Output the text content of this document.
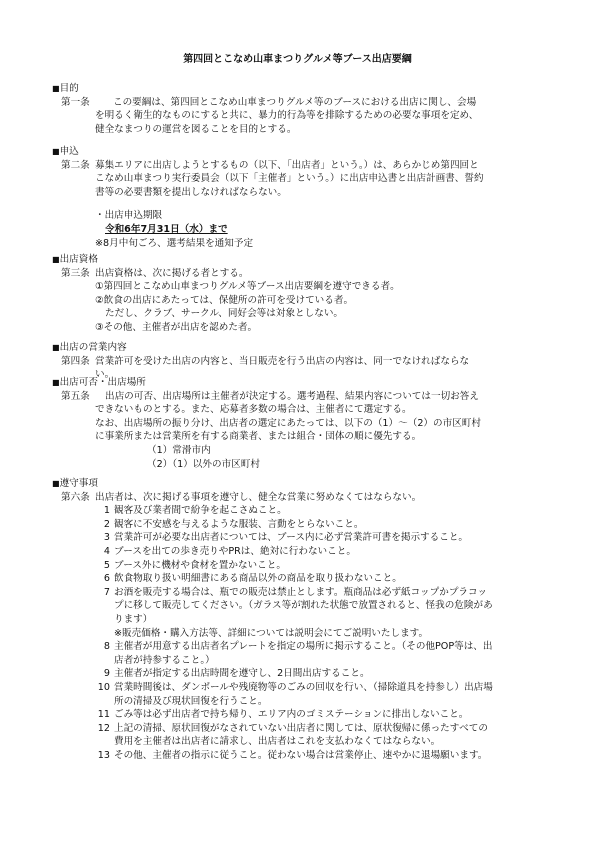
第四回とこなめ山車まつりグルメ等ブース出店要綱
■目的
第一条	この要綱は、第四回とこなめ山車まつりグルメ等のブースにおける出店に関し、会場を明るく衛生的なものにすると共に、暴力的行為等を排除するための必要な事項を定め、健全なまつりの運営を図ることを目的とする。
■申込
第二条 募集エリアに出店しようとするもの（以下、「出店者」という。）は、あらかじめ第四回とこなめ山車まつり実行委員会（以下「主催者」という。）に出店申込書と出店計画書、誓約書等の必要書類を提出しなければならない。
・出店申込期限
令和6年7月31日（水）まで
※8月中旬ごろ、選考結果を通知予定
■出店資格
第三条 出店資格は、次に掲げる者とする。
①第四回とこなめ山車まつりグルメ等ブース出店要綱を遵守できる者。
②飲食の出店にあたっては、保健所の許可を受けている者。
ただし、クラブ、サークル、同好会等は対象としない。
③その他、主催者が出店を認めた者。
■出店の営業内容
第四条 営業許可を受けた出店の内容と、当日販売を行う出店の内容は、同一でなければならない。
■出店可否・出店場所
第五条	出店の可否、出店場所は主催者が決定する。選考過程、結果内容については一切お答えできないものとする。また、応募者多数の場合は、主催者にて選定する。
なお、出店場所の振り分け、出店者の選定にあたっては、以下の（1）～（2）の市区町村に事業所または営業所を有する商業者、または組合・団体の順に優先する。
（1）常滑市内
（2）（1）以外の市区町村
■遵守事項
第六条 出店者は、次に掲げる事項を遵守し、健全な営業に努めなくてはならない。
1 観客及び業者間で紛争を起こさぬこと。
2 観客に不安感を与えるような服装、言動をとらないこと。
3 営業許可が必要な出店者については、ブース内に必ず営業許可書を掲示すること。
4 ブースを出ての歩き売りやPRは、絶対に行わないこと。
5 ブース外に機材や食材を置かないこと。
6 飲食物取り扱い明細書にある商品以外の商品を取り扱わないこと。
7 お酒を販売する場合は、瓶での販売は禁止とします。瓶商品は必ず紙コップかプラコップに移して販売してください。（ガラス等が割れた状態で放置されると、怪我の危険があります）
※販売価格・購入方法等、詳細については説明会にてご説明いたします。
8 主催者が用意する出店者名プレートを指定の場所に掲示すること。（その他POP等は、出店者が持参すること。）
9 主催者が指定する出店時間を遵守し、2日間出店すること。
10 営業時間後は、ダンボールや残廃物等のごみの回収を行い、（掃除道具を持参し）出店場所の清掃及び現状回復を行うこと。
11 ごみ等は必ず出店者で持ち帰り、エリア内のゴミステーションに排出しないこと。
12 上記の清掃、原状回復がなされていない出店者に関しては、原状復帰に係ったすべての費用を主催者は出店者に請求し、出店者はこれを支払わなくてはならない。
13 その他、主催者の指示に従うこと。従わない場合は営業停止、速やかに退場願います。
